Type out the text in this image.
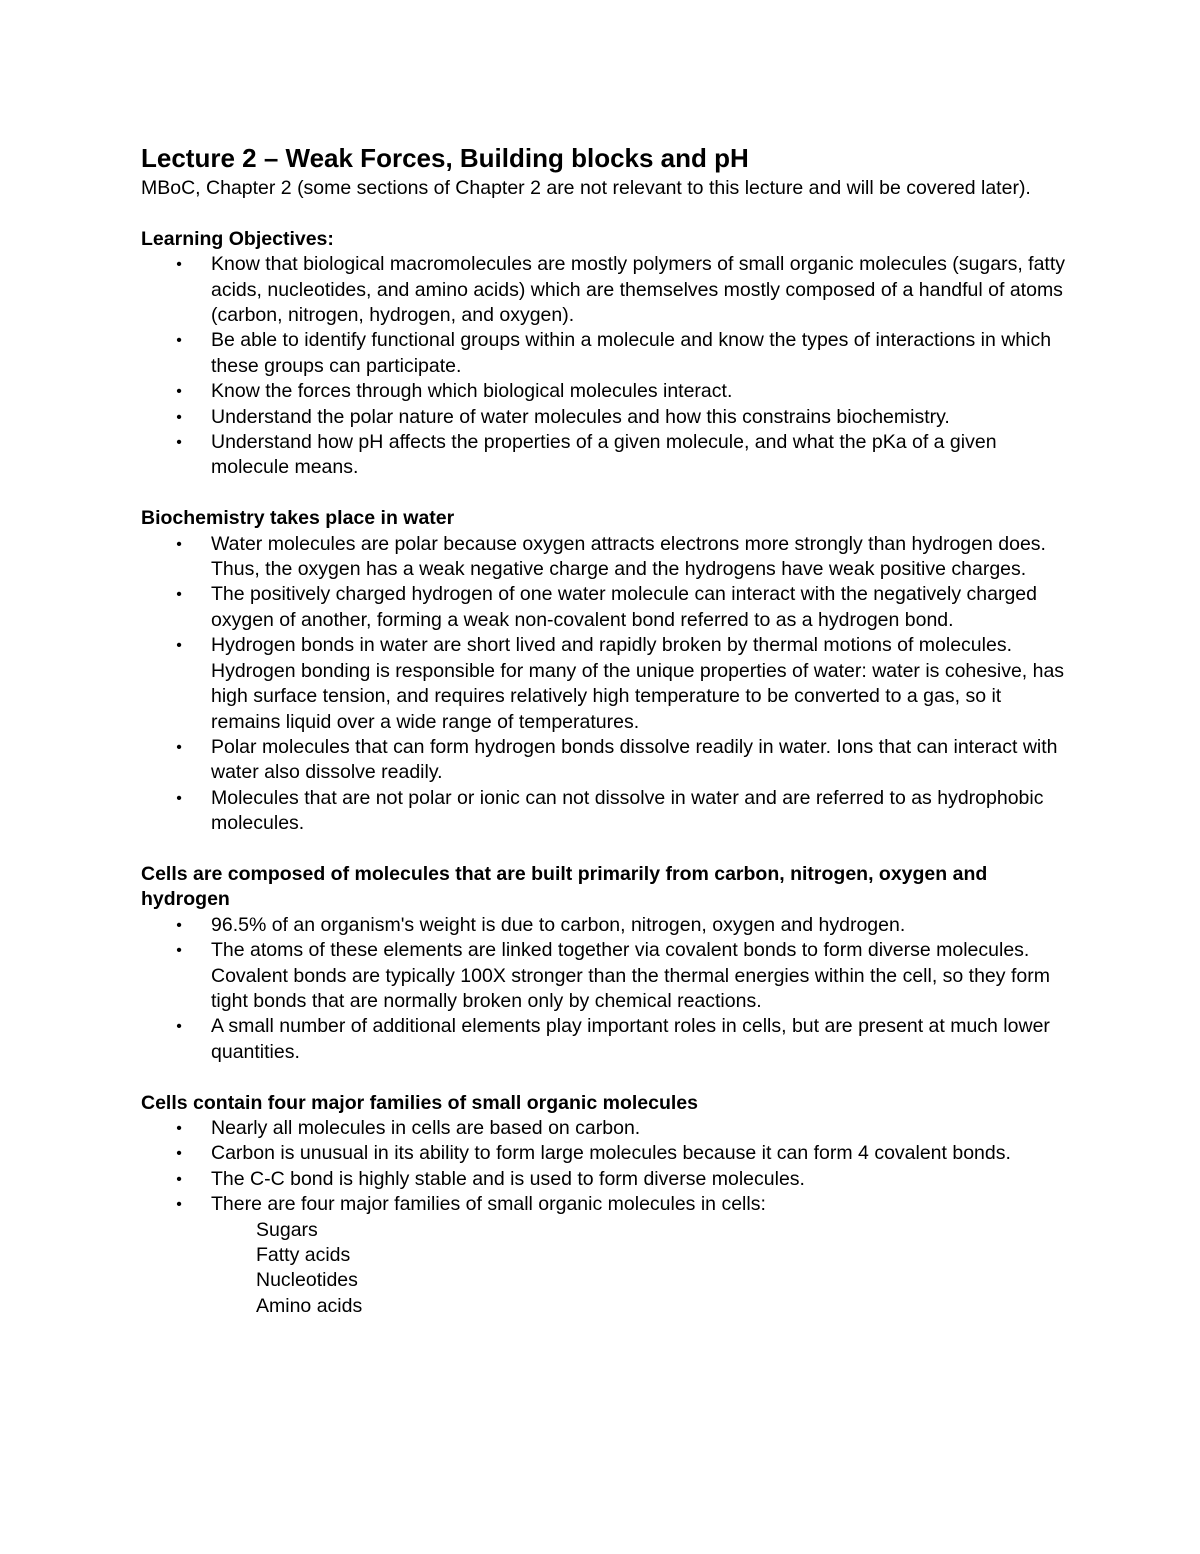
Lecture 2 – Weak Forces, Building blocks and pH

MBoC, Chapter 2 (some sections of Chapter 2 are not relevant to this lecture and will be covered later).

Learning Objectives:

• Know that biological macromolecules are mostly polymers of small organic molecules (sugars, fatty acids, nucleotides, and amino acids) which are themselves mostly composed of a handful of atoms (carbon, nitrogen, hydrogen, and oxygen).
• Be able to identify functional groups within a molecule and know the types of interactions in which these groups can participate.
• Know the forces through which biological molecules interact.
• Understand the polar nature of water molecules and how this constrains biochemistry.
• Understand how pH affects the properties of a given molecule, and what the pKa of a given molecule means.

Biochemistry takes place in water

• Water molecules are polar because oxygen attracts electrons more strongly than hydrogen does. Thus, the oxygen has a weak negative charge and the hydrogens have weak positive charges.
• The positively charged hydrogen of one water molecule can interact with the negatively charged oxygen of another, forming a weak non-covalent bond referred to as a hydrogen bond.
• Hydrogen bonds in water are short lived and rapidly broken by thermal motions of molecules. Hydrogen bonding is responsible for many of the unique properties of water: water is cohesive, has high surface tension, and requires relatively high temperature to be converted to a gas, so it remains liquid over a wide range of temperatures.
• Polar molecules that can form hydrogen bonds dissolve readily in water. Ions that can interact with water also dissolve readily.
• Molecules that are not polar or ionic can not dissolve in water and are referred to as hydrophobic molecules.

Cells are composed of molecules that are built primarily from carbon, nitrogen, oxygen and hydrogen

• 96.5% of an organism's weight is due to carbon, nitrogen, oxygen and hydrogen.
• The atoms of these elements are linked together via covalent bonds to form diverse molecules. Covalent bonds are typically 100X stronger than the thermal energies within the cell, so they form tight bonds that are normally broken only by chemical reactions.
• A small number of additional elements play important roles in cells, but are present at much lower quantities.

Cells contain four major families of small organic molecules

• Nearly all molecules in cells are based on carbon.
• Carbon is unusual in its ability to form large molecules because it can form 4 covalent bonds.
• The C-C bond is highly stable and is used to form diverse molecules.
• There are four major families of small organic molecules in cells:
Sugars
Fatty acids
Nucleotides
Amino acids
